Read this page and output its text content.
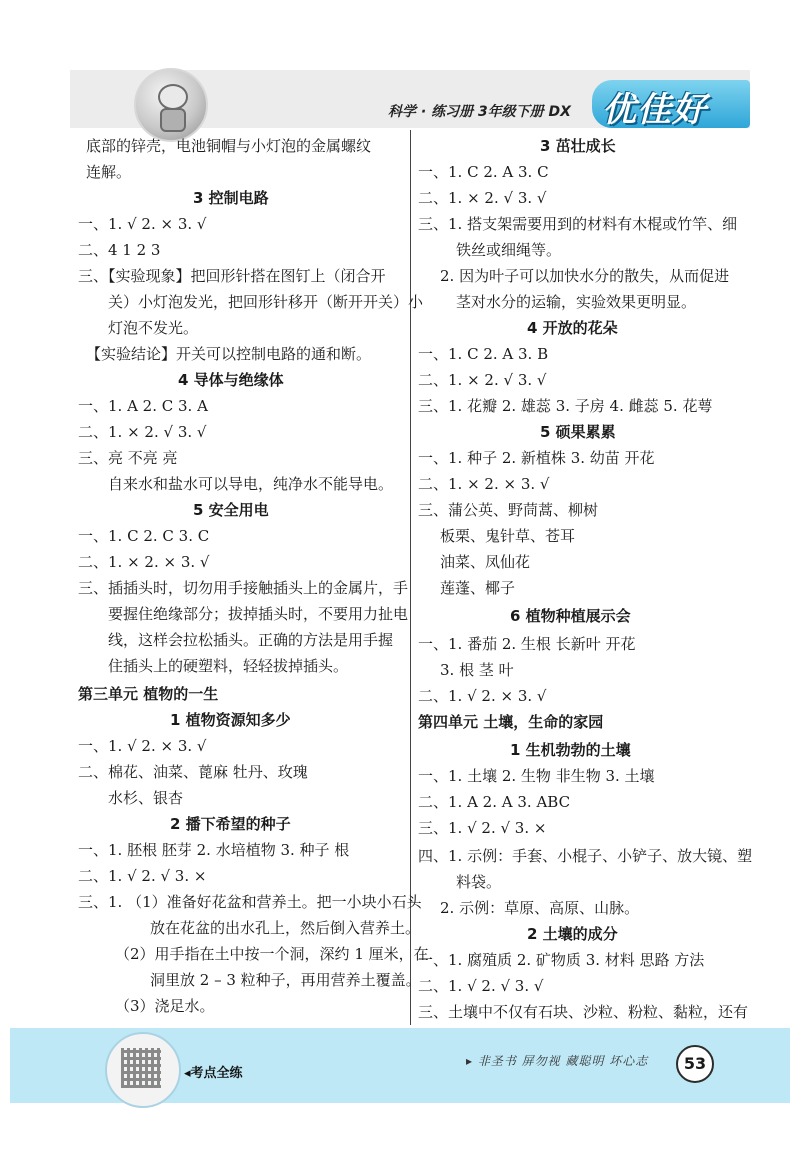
科学 · 练习册 3年级下册 DX 优佳好
底部的锌壳，电池铜帽与小灯泡的金属螺纹
连解。
3 控制电路
一、1. √ 2. × 3. √
二、4 1 2 3
三、【实验现象】把回形针搭在图钉上（闭合开
关）小灯泡发光，把回形针移开（断开开关）小
灯泡不发光。
【实验结论】开关可以控制电路的通和断。
4 导体与绝缘体
一、1. A 2. C 3. A
二、1. × 2. √ 3. √
三、亮 不亮 亮
自来水和盐水可以导电，纯净水不能导电。
5 安全用电
一、1. C 2. C 3. C
二、1. × 2. × 3. √
三、插插头时，切勿用手接触插头上的金属片，手
要握住绝缘部分；拔掉插头时，不要用力扯电
线，这样会拉松插头。正确的方法是用手握
住插头上的硬塑料，轻轻拔掉插头。
第三单元 植物的一生
1 植物资源知多少
一、1. √ 2. × 3. √
二、棉花、油菜、蓖麻 牡丹、玫瑰
水杉、银杏
2 播下希望的种子
一、1. 胚根 胚芽 2. 水培植物 3. 种子 根
二、1. √ 2. √ 3. ×
三、1. （1）准备好花盆和营养土。把一小块小石头
放在花盆的出水孔上，然后倒入营养土。
（2）用手指在土中按一个洞，深约 1 厘米，在
洞里放 2 – 3 粒种子，再用营养土覆盖。
（3）浇足水。
3 茁壮成长
一、1. C 2. A 3. C
二、1. × 2. √ 3. √
三、1. 搭支架需要用到的材料有木棍或竹竿、细
铁丝或细绳等。
2. 因为叶子可以加快水分的散失，从而促进
茎对水分的运输，实验效果更明显。
4 开放的花朵
一、1. C 2. A 3. B
二、1. × 2. √ 3. √
三、1. 花瓣 2. 雄蕊 3. 子房 4. 雌蕊 5. 花萼
5 硕果累累
一、1. 种子 2. 新植株 3. 幼苗 开花
二、1. × 2. × 3. √
三、蒲公英、野茼蒿、柳树
板栗、鬼针草、苍耳
油菜、凤仙花
莲蓬、椰子
6 植物种植展示会
一、1. 番茄 2. 生根 长新叶 开花
3. 根 茎 叶
二、1. √ 2. × 3. √
第四单元 土壤，生命的家园
1 生机勃勃的土壤
一、1. 土壤 2. 生物 非生物 3. 土壤
二、1. A 2. A 3. ABC
三、1. √ 2. √ 3. ×
四、1. 示例：手套、小棍子、小铲子、放大镜、塑
料袋。
2. 示例：草原、高原、山脉。
2 土壤的成分
一、1. 腐殖质 2. 矿物质 3. 材料 思路 方法
二、1. √ 2. √ 3. √
三、土壤中不仅有石块、沙粒、粉粒、黏粒，还有
◂考点全练
▸ 非圣书 屏勿视 藏聪明 坏心志	53
